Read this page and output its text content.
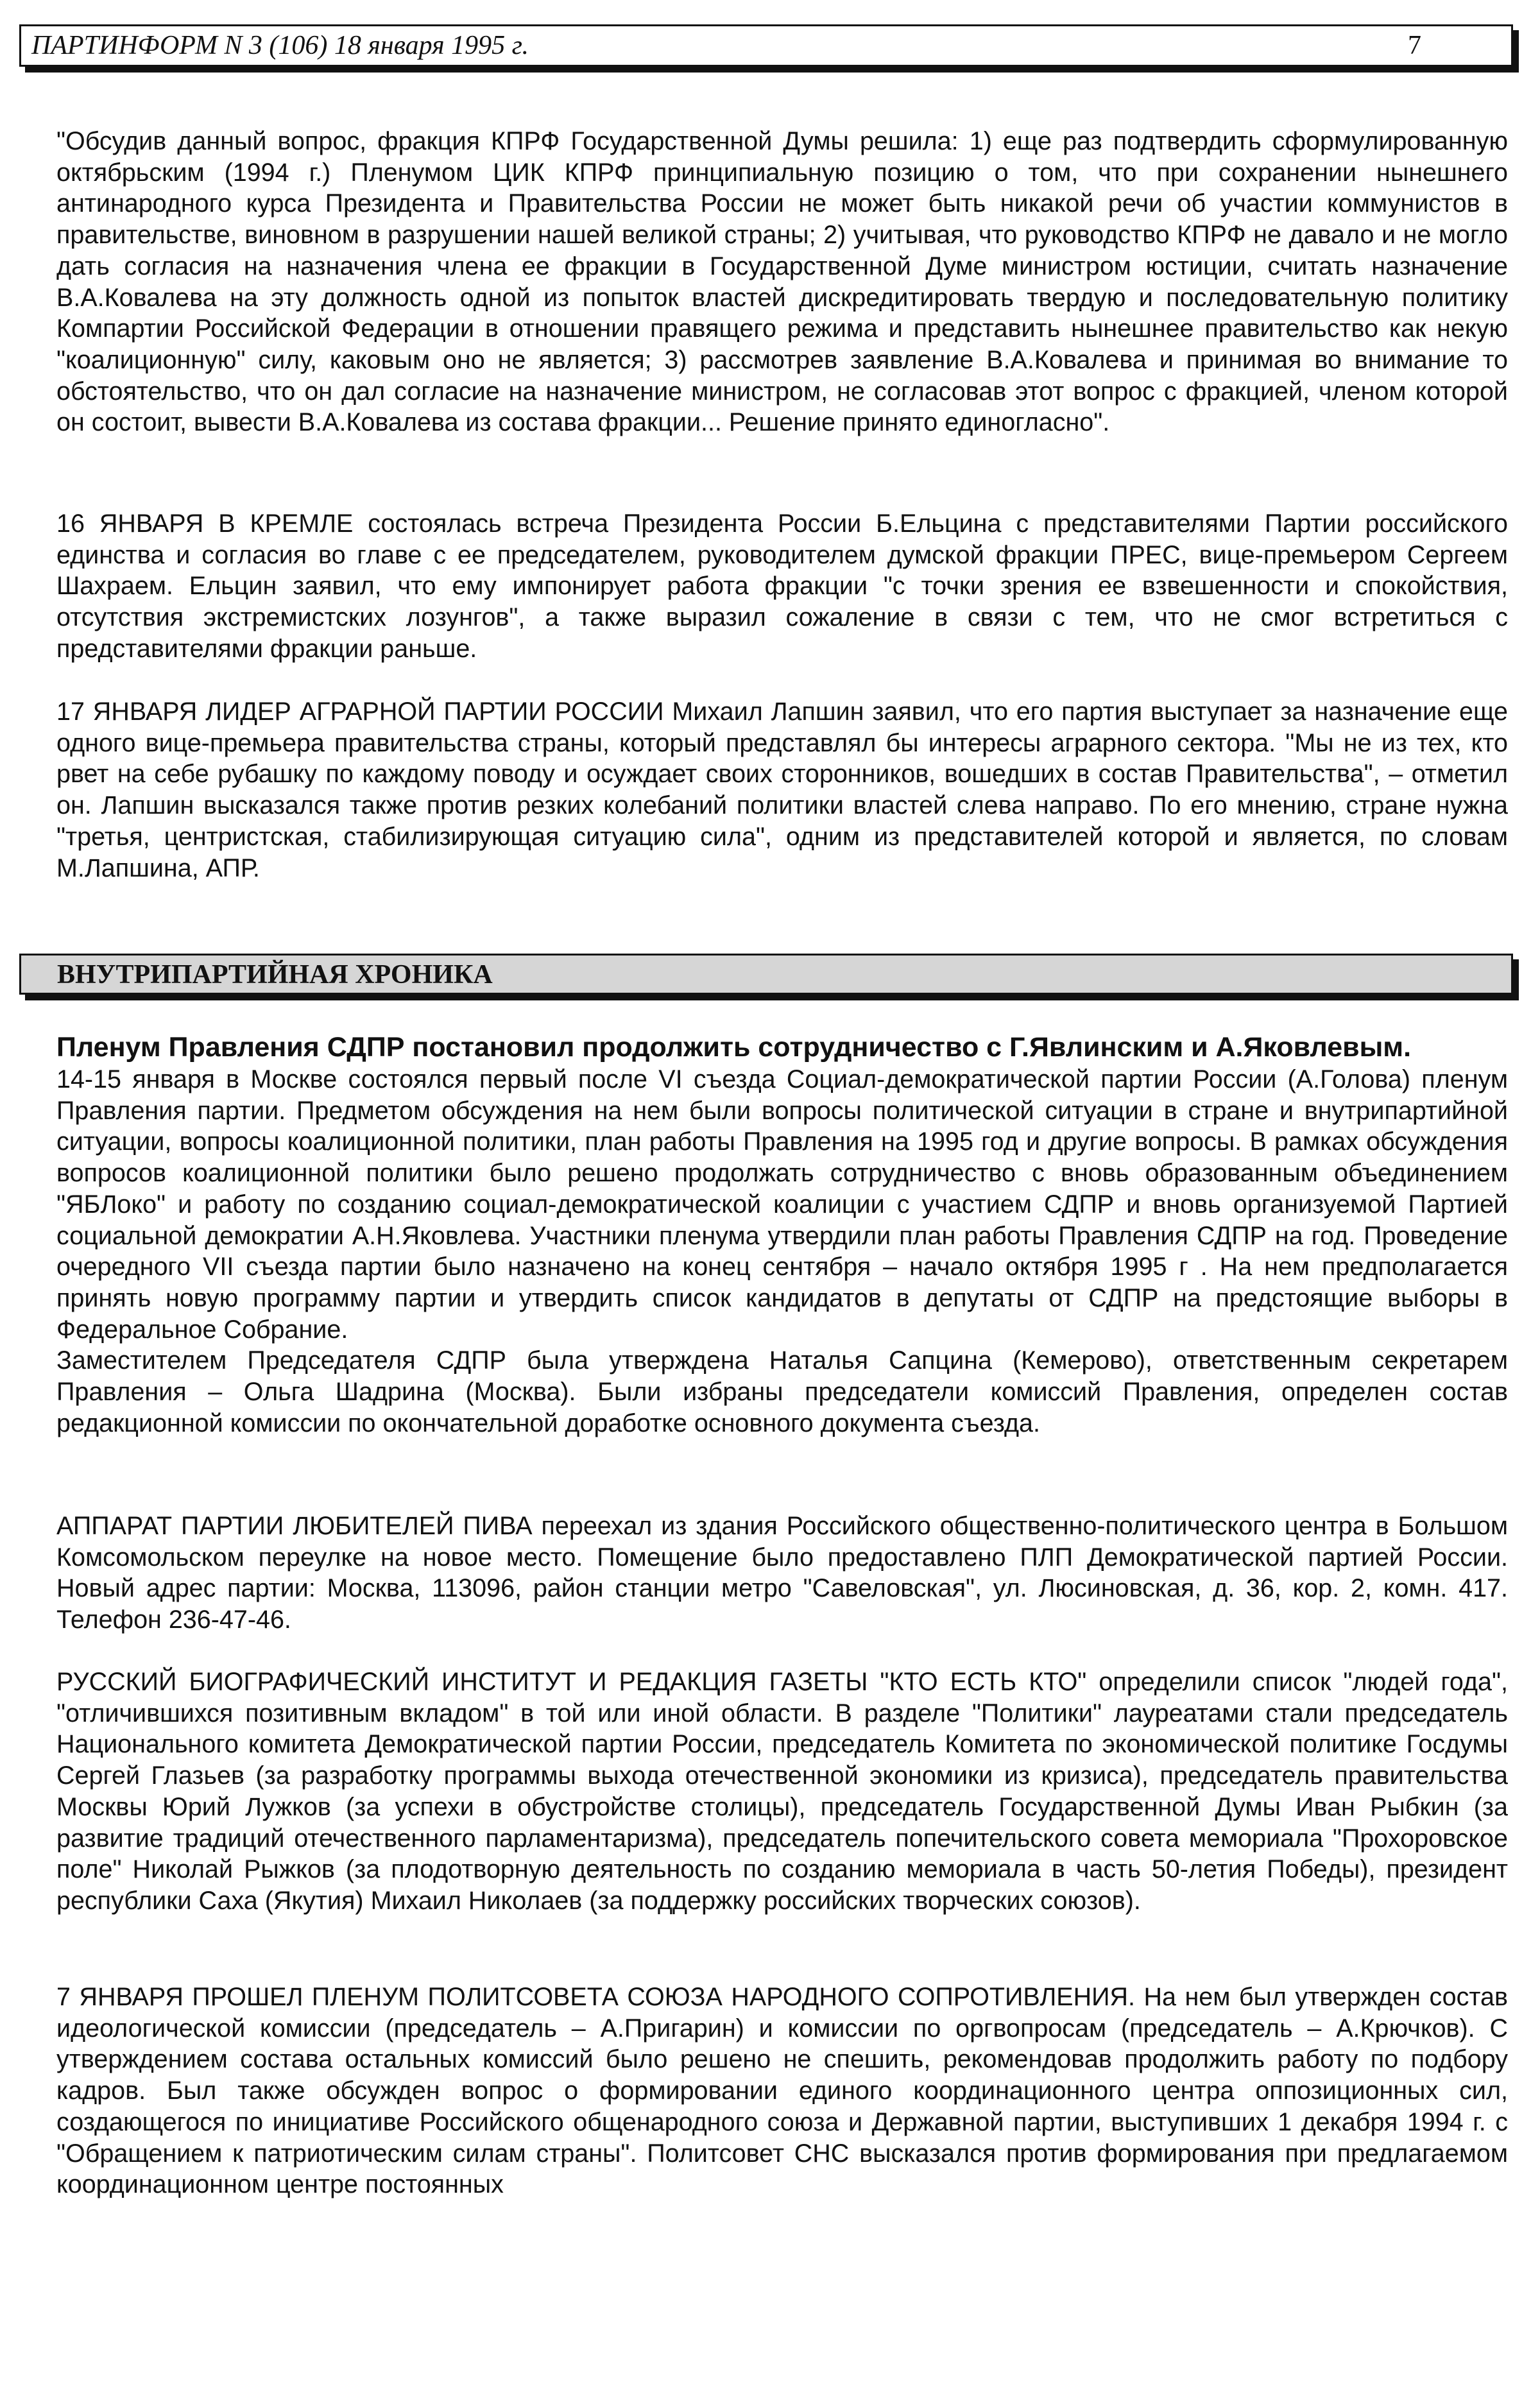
ПАРТИНФОРМ N 3 (106) 18 января 1995 г.	7

"Обсудив данный вопрос, фракция КПРФ Государственной Думы решила: 1) еще раз подтвердить сформулированную октябрьским (1994 г.) Пленумом ЦИК КПРФ принципиальную позицию о том, что при сохранении нынешнего антинародного курса Президента и Правительства России не может быть никакой речи об участии коммунистов в правительстве, виновном в разрушении нашей великой страны; 2) учитывая, что руководство КПРФ не давало и не могло дать согласия на назначения члена ее фракции в Государственной Думе министром юстиции, считать назначение В.А.Ковалева на эту должность одной из попыток властей дискредитировать твердую и последовательную политику Компартии Российской Федерации в отношении правящего режима и представить нынешнее правительство как некую "коалиционную" силу, каковым оно не является; 3) рассмотрев заявление В.А.Ковалева и принимая во внимание то обстоятельство, что он дал согласие на назначение министром, не согласовав этот вопрос с фракцией, членом которой он состоит, вывести В.А.Ковалева из состава фракции... Решение принято единогласно".

16 ЯНВАРЯ В КРЕМЛЕ состоялась встреча Президента России Б.Ельцина с представителями Партии российского единства и согласия во главе с ее председателем, руководителем думской фракции ПРЕС, вице-премьером Сергеем Шахраем. Ельцин заявил, что ему импонирует работа фракции "с точки зрения ее взвешенности и спокойствия, отсутствия экстремистских лозунгов", а также выразил сожаление в связи с тем, что не смог встретиться с представителями фракции раньше.

17 ЯНВАРЯ ЛИДЕР АГРАРНОЙ ПАРТИИ РОССИИ Михаил Лапшин заявил, что его партия выступает за назначение еще одного вице-премьера правительства страны, который представлял бы интересы аграрного сектора. "Мы не из тех, кто рвет на себе рубашку по каждому поводу и осуждает своих сторонников, вошедших в состав Правительства", – отметил он. Лапшин высказался также против резких колебаний политики властей слева направо. По его мнению, стране нужна "третья, центристская, стабилизирующая ситуацию сила", одним из представителей которой и является, по словам М.Лапшина, АПР.

ВНУТРИПАРТИЙНАЯ ХРОНИКА

Пленум Правления СДПР постановил продолжить сотрудничество с Г.Явлинским и А.Яковлевым.

14-15 января в Москве состоялся первый после VI съезда Социал-демократической партии России (А.Голова) пленум Правления партии. Предметом обсуждения на нем были вопросы политической ситуации в стране и внутрипартийной ситуации, вопросы коалиционной политики, план работы Правления на 1995 год и другие вопросы. В рамках обсуждения вопросов коалиционной политики было решено продолжать сотрудничество с вновь образованным объединением "ЯБЛоко" и работу по созданию социал-демократической коалиции с участием СДПР и вновь организуемой Партией социальной демократии А.Н.Яковлева. Участники пленума утвердили план работы Правления СДПР на год. Проведение очередного VII съезда партии было назначено на конец сентября – начало октября 1995 г . На нем предполагается принять новую программу партии и утвердить список кандидатов в депутаты от СДПР на предстоящие выборы в Федеральное Собрание.

Заместителем Председателя СДПР была утверждена Наталья Сапцина (Кемерово), ответственным секретарем Правления – Ольга Шадрина (Москва). Были избраны председатели комиссий Правления, определен состав редакционной комиссии по окончательной доработке основного документа съезда.

АППАРАТ ПАРТИИ ЛЮБИТЕЛЕЙ ПИВА переехал из здания Российского общественно-политического центра в Большом Комсомольском переулке на новое место. Помещение было предоставлено ПЛП Демократической партией России. Новый адрес партии: Москва, 113096, район станции метро "Савеловская", ул. Люсиновская, д. 36, кор. 2, комн. 417. Телефон 236-47-46.

РУССКИЙ БИОГРАФИЧЕСКИЙ ИНСТИТУТ И РЕДАКЦИЯ ГАЗЕТЫ "КТО ЕСТЬ КТО" определили список "людей года", "отличившихся позитивным вкладом" в той или иной области. В разделе "Политики" лауреатами стали председатель Национального комитета Демократической партии России, председатель Комитета по экономической политике Госдумы Сергей Глазьев (за разработку программы выхода отечественной экономики из кризиса), председатель правительства Москвы Юрий Лужков (за успехи в обустройстве столицы), председатель Государственной Думы Иван Рыбкин (за развитие традиций отечественного парламентаризма), председатель попечительского совета мемориала "Прохоровское поле" Николай Рыжков (за плодотворную деятельность по созданию мемориала в часть 50-летия Победы), президент республики Саха (Якутия) Михаил Николаев (за поддержку российских творческих союзов).

7 ЯНВАРЯ ПРОШЕЛ ПЛЕНУМ ПОЛИТСОВЕТА СОЮЗА НАРОДНОГО СОПРОТИВЛЕНИЯ. На нем был утвержден состав идеологической комиссии (председатель – А.Пригарин) и комиссии по оргвопросам (председатель – А.Крючков). С утверждением состава остальных комиссий было решено не спешить, рекомендовав продолжить работу по подбору кадров. Был также обсужден вопрос о формировании единого координационного центра оппозиционных сил, создающегося по инициативе Российского общенародного союза и Державной партии, выступивших 1 декабря 1994 г. с "Обращением к патриотическим силам страны". Политсовет СНС высказался против формирования при предлагаемом координационном центре постоянных
